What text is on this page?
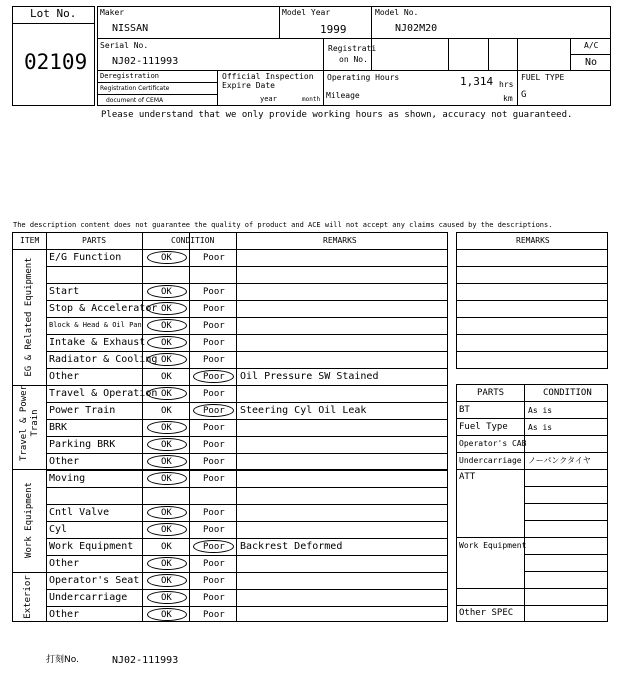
Lot No.
02109
Maker
NISSAN
Model Year
1999
Model No.
NJ02M20
Serial No.
NJ02-111993
Registrati
on No.
A/C
No
Deregistration
Registration Certificate
document of CEMA
Official Inspection
Expire Date
year	month
Operating Hours	1,314 hrs
Mileage	km
FUEL TYPE
G
Please understand that we only provide working hours as shown, accuracy not guaranteed.
The description content does not guarantee the quality of product and ACE will not accept any claims caused by the descriptions.
ITEM	PARTS	CONDITION	REMARKS
EG & Related Equipment
Travel & Power Train
Work Equipment
Exterior
E/G Function	OK	Poor
Start	OK	Poor
Stop & Accelerator OK	Poor
Block & Head & Oil Pan OK	Poor
Intake & Exhaust OK	Poor
Radiator & Cooling OK	Poor
Other	OK	Poor Oil Pressure SW Stained
Travel & Operation OK	Poor
Power Train	OK	Poor Steering Cyl Oil Leak
BRK	OK	Poor
Parking BRK	OK	Poor
Other	OK	Poor
Moving	OK	Poor
Cntl Valve	OK	Poor
Cyl	OK	Poor
Work Equipment	OK	Poor Backrest Deformed
Other	OK	Poor
Operator's Seat OK	Poor
Undercarriage	OK	Poor
Other	OK	Poor
REMARKS
PARTS	CONDITION
BT	As is
Fuel Type	As is
Operator's CAB
Undercarriage ノーパンクタイヤ
ATT
Work Equipment
Other SPEC
打刻No.	NJ02-111993
